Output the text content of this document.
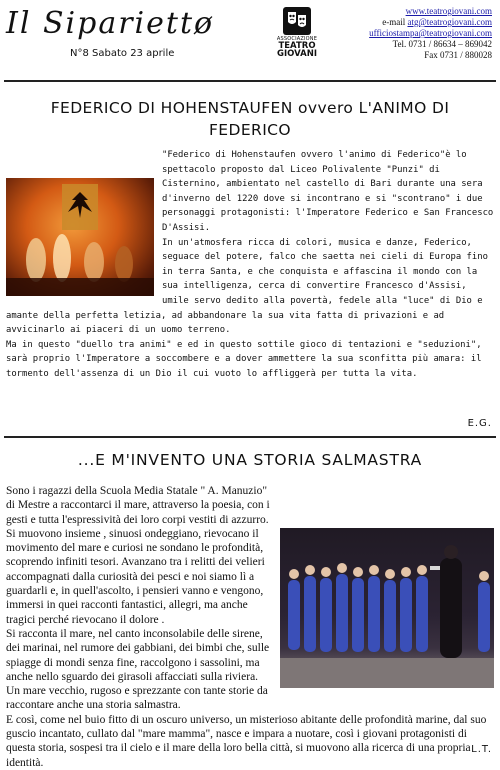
Il Sipariettø
N°8 Sabato 23 aprile
ASSOCIAZIONE
TEATRO
GIOVANI
www.teatrogiovani.com
e-mail atg@teatrogiovani.com
ufficiostampa@teatrogiovani.com
Tel. 0731 / 86634 – 869042
Fax 0731 / 880028
FEDERICO DI HOHENSTAUFEN ovvero L'ANIMO DI FEDERICO

"Federico di Hohenstaufen ovvero l'animo di Federico"è lo spettacolo proposto dal Liceo Polivalente "Punzi" di Cisternino, ambientato nel castello di Bari durante una sera d'inverno del 1220 dove si incontrano e si "scontrano" i due personaggi protagonisti: l'Imperatore Federico e San Francesco D'Assisi.

In un'atmosfera ricca di colori, musica e danze, Federico, seguace del potere, falco che saetta nei cieli di Europa fino in terra Santa, e che conquista e affascina il mondo con la sua intelligenza, cerca di convertire Francesco d'Assisi, umile servo dedito alla povertà, fedele alla "luce" di Dio e amante della perfetta letizia, ad abbandonare la sua vita fatta di privazioni e ad avvicinarlo ai piaceri di un uomo terreno.

Ma in questo "duello tra animi" e ed in questo sottile gioco di tentazioni e "seduzioni", sarà proprio l'Imperatore a soccombere e a dover ammettere la sua sconfitta più amara: il tormento dell'assenza di un Dio il cui vuoto lo affliggerà per tutta la vita.

E.G.
...E M'INVENTO UNA STORIA SALMASTRA

Sono i ragazzi della Scuola Media Statale " A. Manuzio" di Mestre a raccontarci il mare, attraverso la poesia, con i gesti e tutta l'espressività dei loro corpi vestiti di azzurro. Si muovono insieme , sinuosi ondeggiano, rievocano il movimento del mare e curiosi ne sondano le profondità, scoprendo infiniti tesori. Avanzano tra i relitti dei velieri accompagnati dalla curiosità dei pesci e noi siamo lì a guardarli e, in quell'ascolto, i pensieri vanno e vengono, immersi in quei racconti fantastici, allegri, ma anche tragici perché rievocano il dolore .

Si racconta il mare, nel canto inconsolabile delle sirene, dei marinai, nel rumore dei gabbiani, dei bimbi che, sulle spiagge di mondi senza fine, raccolgono i sassolini, ma anche nello sguardo dei girasoli affacciati sulla riviera.

Un mare vecchio, rugoso e sprezzante con tante storie da raccontare anche una storia salmastra.

E così, come nel buio fitto di un oscuro universo, un misterioso abitante delle profondità marine, dal suo guscio incantato, cullato dal "mare mamma", nasce e impara a nuotare, così i giovani protagonisti di questa storia, sospesi tra il cielo e il mare della loro bella città, si muovono alla ricerca di una propria identità.

L.T.
